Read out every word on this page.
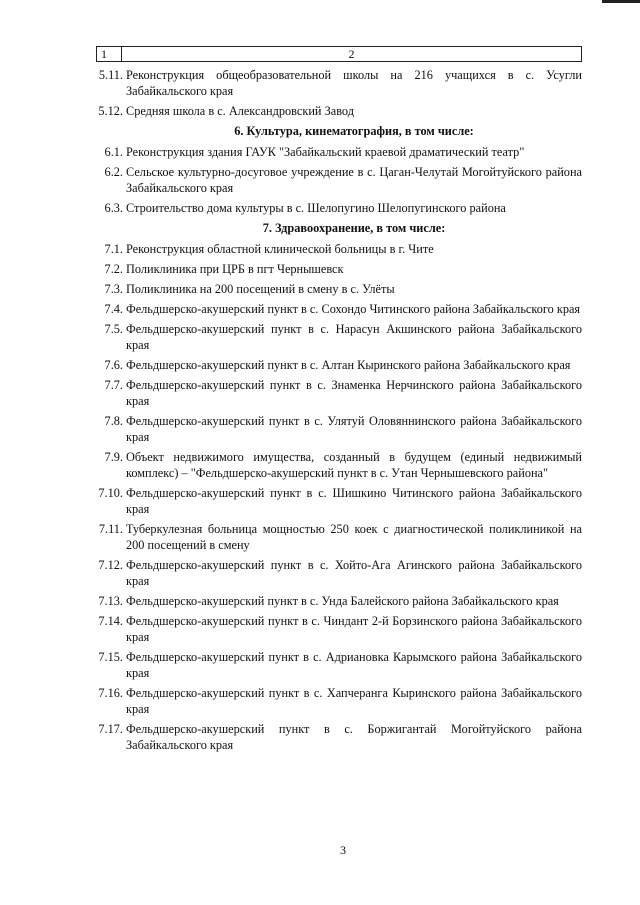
1	2
5.11. Реконструкция общеобразовательной школы на 216 учащихся в с. Усугли Забайкальского края
5.12. Средняя школа в с. Александровский Завод
6. Культура, кинематография, в том числе:
6.1. Реконструкция здания ГАУК "Забайкальский краевой драматический театр"
6.2. Сельское культурно-досуговое учреждение в с. Цаган-Челутай Могойтуйского района Забайкальского края
6.3. Строительство дома культуры в с. Шелопугино Шелопугинского района
7. Здравоохранение, в том числе:
7.1. Реконструкция областной клинической больницы в г. Чите
7.2. Поликлиника при ЦРБ в пгт Чернышевск
7.3. Поликлиника на 200 посещений в смену в с. Улёты
7.4. Фельдшерско-акушерский пункт в с. Сохондо Читинского района Забайкальского края
7.5. Фельдшерско-акушерский пункт в с. Нарасун Акшинского района Забайкальского края
7.6. Фельдшерско-акушерский пункт в с. Алтан Кыринского района Забайкальского края
7.7. Фельдшерско-акушерский пункт в с. Знаменка Нерчинского района Забайкальского края
7.8. Фельдшерско-акушерский пункт в с. Улятуй Оловяннинского района Забайкальского края
7.9. Объект недвижимого имущества, созданный в будущем (единый недвижимый комплекс) – "Фельдшерско-акушерский пункт в с. Утан Чернышевского района"
7.10. Фельдшерско-акушерский пункт в с. Шишкино Читинского района Забайкальского края
7.11. Туберкулезная больница мощностью 250 коек с диагностической поликлиникой на 200 посещений в смену
7.12. Фельдшерско-акушерский пункт в с. Хойто-Ага Агинского района Забайкальского края
7.13. Фельдшерско-акушерский пункт в с. Унда Балейского района Забайкальского края
7.14. Фельдшерско-акушерский пункт в с. Чиндант 2-й Борзинского района Забайкальского края
7.15. Фельдшерско-акушерский пункт в с. Адриановка Карымского района Забайкальского края
7.16. Фельдшерско-акушерский пункт в с. Хапчеранга Кыринского района Забайкальского края
7.17. Фельдшерско-акушерский пункт в с. Боржигантай Могойтуйского района Забайкальского края
3
